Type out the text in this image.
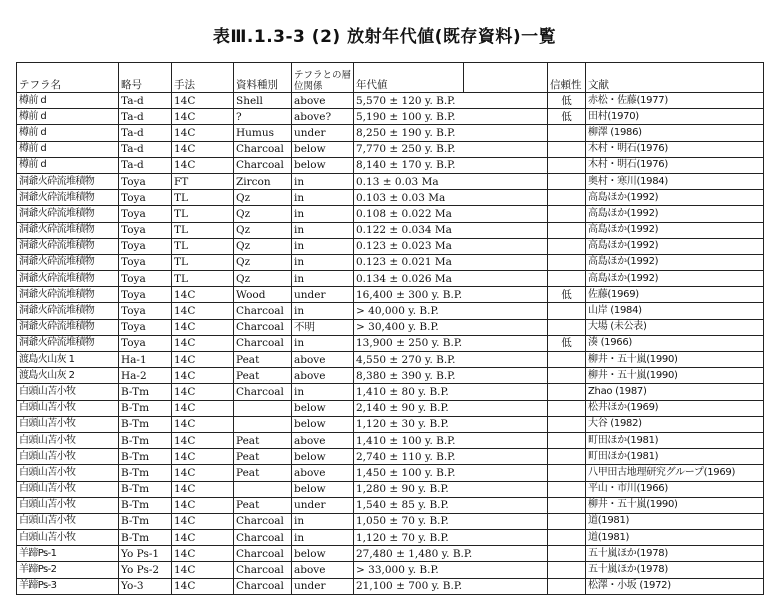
表Ⅲ.1.3-3 (2) 放射年代値(既存資料)一覧
テフラ名	略号	手法	資料種別	テフラとの層位関係	年代値		信頼性	文献
樽前 d	Ta-d	14C	Shell	above	5,570 ± 120 y. B.P.		低	赤松・佐藤(1977)
樽前 d	Ta-d	14C	?	above?	5,190 ± 100 y. B.P.		低	田村(1970)
樽前 d	Ta-d	14C	Humus	under	8,250 ± 190 y. B.P.			柳澤 (1986)
樽前 d	Ta-d	14C	Charcoal	below	7,770 ± 250 y. B.P.			木村・明石(1976)
樽前 d	Ta-d	14C	Charcoal	below	8,140 ± 170 y. B.P.			木村・明石(1976)
洞爺火砕流堆積物	Toya	FT	Zircon	in	0.13 ± 0.03 Ma			奥村・寒川(1984)
洞爺火砕流堆積物	Toya	TL	Qz	in	0.103 ± 0.03 Ma			高島ほか(1992)
洞爺火砕流堆積物	Toya	TL	Qz	in	0.108 ± 0.022 Ma			高島ほか(1992)
洞爺火砕流堆積物	Toya	TL	Qz	in	0.122 ± 0.034 Ma			高島ほか(1992)
洞爺火砕流堆積物	Toya	TL	Qz	in	0.123 ± 0.023 Ma			高島ほか(1992)
洞爺火砕流堆積物	Toya	TL	Qz	in	0.123 ± 0.021 Ma			高島ほか(1992)
洞爺火砕流堆積物	Toya	TL	Qz	in	0.134 ± 0.026 Ma			高島ほか(1992)
洞爺火砕流堆積物	Toya	14C	Wood	under	16,400 ± 300 y. B.P.		低	佐藤(1969)
洞爺火砕流堆積物	Toya	14C	Charcoal	in	> 40,000 y. B.P.			山岸 (1984)
洞爺火砕流堆積物	Toya	14C	Charcoal	不明	> 30,400 y. B.P.			大場 (未公表)
洞爺火砕流堆積物	Toya	14C	Charcoal	in	13,900 ± 250 y. B.P.		低	湊 (1966)
渡島火山灰 1	Ha-1	14C	Peat	above	4,550 ± 270 y. B.P.			柳井・五十嵐(1990)
渡島火山灰 2	Ha-2	14C	Peat	above	8,380 ± 390 y. B.P.			柳井・五十嵐(1990)
白頭山苫小牧	B-Tm	14C	Charcoal	in	1,410 ± 80 y. B.P.			Zhao (1987)
白頭山苫小牧	B-Tm	14C		below	2,140 ± 90 y. B.P.			松井ほか(1969)
白頭山苫小牧	B-Tm	14C		below	1,120 ± 30 y. B.P.			大谷 (1982)
白頭山苫小牧	B-Tm	14C	Peat	above	1,410 ± 100 y. B.P.			町田ほか(1981)
白頭山苫小牧	B-Tm	14C	Peat	below	2,740 ± 110 y. B.P.			町田ほか(1981)
白頭山苫小牧	B-Tm	14C	Peat	above	1,450 ± 100 y. B.P.			八甲田古地理研究グループ(1969)
白頭山苫小牧	B-Tm	14C		below	1,280 ± 90 y. B.P.			平山・市川(1966)
白頭山苫小牧	B-Tm	14C	Peat	under	1,540 ± 85 y. B.P.			柳井・五十嵐(1990)
白頭山苫小牧	B-Tm	14C	Charcoal	in	1,050 ± 70 y. B.P.			道(1981)
白頭山苫小牧	B-Tm	14C	Charcoal	in	1,120 ± 70 y. B.P.			道(1981)
羊蹄Ps-1	Yo Ps-1	14C	Charcoal	below	27,480 ± 1,480 y. B.P.			五十嵐ほか(1978)
羊蹄Ps-2	Yo Ps-2	14C	Charcoal	above	> 33,000 y. B.P.			五十嵐ほか(1978)
羊蹄Ps-3	Yo-3	14C	Charcoal	under	21,100 ± 700 y. B.P.			松澤・小坂 (1972)
